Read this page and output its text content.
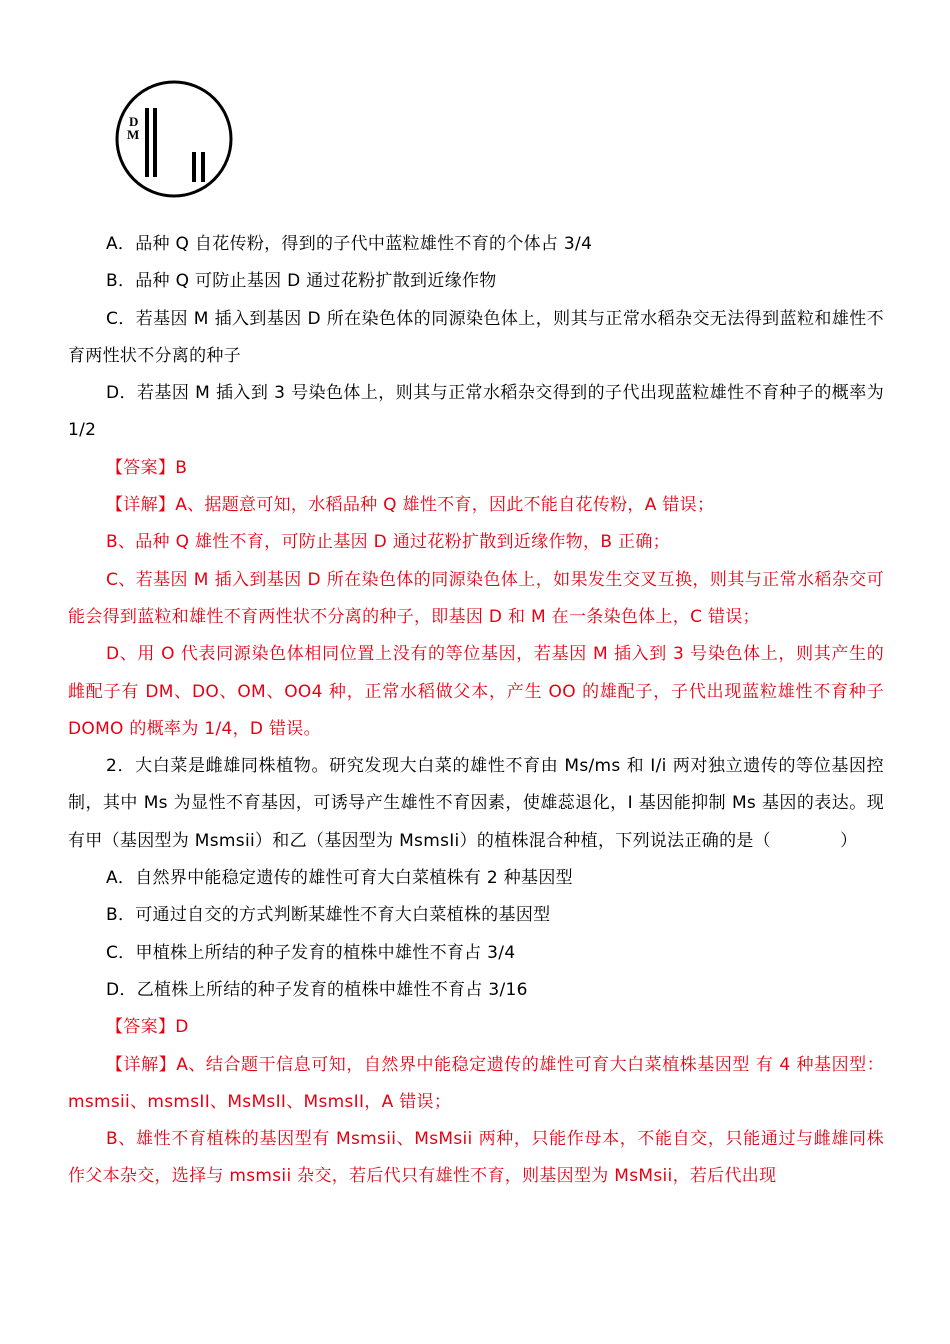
D
M

A．品种 Q 自花传粉，得到的子代中蓝粒雄性不育的个体占 3/4

B．品种 Q 可防止基因 D 通过花粉扩散到近缘作物

C．若基因 M 插入到基因 D 所在染色体的同源染色体上，则其与正常水稻杂交无法得到蓝粒和雄性不育两性状不分离的种子

D．若基因 M 插入到 3 号染色体上，则其与正常水稻杂交得到的子代出现蓝粒雄性不育种子的概率为 1/2

【答案】B

【详解】A、据题意可知，水稻品种 Q 雄性不育，因此不能自花传粉，A 错误；

B、品种 Q 雄性不育，可防止基因 D 通过花粉扩散到近缘作物，B 正确；

C、若基因 M 插入到基因 D 所在染色体的同源染色体上，如果发生交叉互换，则其与正常水稻杂交可能会得到蓝粒和雄性不育两性状不分离的种子，即基因 D 和 M 在一条染色体上，C 错误；

D、用 O 代表同源染色体相同位置上没有的等位基因，若基因 M 插入到 3 号染色体上，则其产生的雌配子有 DM、DO、OM、OO4 种，正常水稻做父本，产生 OO 的雄配子，子代出现蓝粒雄性不育种子 DOMO 的概率为 1/4，D 错误。

2．大白菜是雌雄同株植物。研究发现大白菜的雄性不育由 Ms/ms 和 I/i 两对独立遗传的等位基因控制，其中 Ms 为显性不育基因，可诱导产生雄性不育因素，使雄蕊退化，I 基因能抑制 Ms 基因的表达。现有甲（基因型为 Msmsii）和乙（基因型为 MsmsIi）的植株混合种植，下列说法正确的是（　　　　）

A．自然界中能稳定遗传的雄性可育大白菜植株有 2 种基因型

B．可通过自交的方式判断某雄性不育大白菜植株的基因型

C．甲植株上所结的种子发育的植株中雄性不育占 3/4

D．乙植株上所结的种子发育的植株中雄性不育占 3/16

【答案】D

【详解】A、结合题干信息可知，自然界中能稳定遗传的雄性可育大白菜植株基因型 有 4 种基因型：msmsii、msmsII、MsMsII、MsmsII，A 错误；

B、雄性不育植株的基因型有 Msmsii、MsMsii 两种，只能作母本，不能自交，只能通过与雌雄同株作父本杂交，选择与 msmsii 杂交，若后代只有雄性不育，则基因型为 MsMsii，若后代出现
